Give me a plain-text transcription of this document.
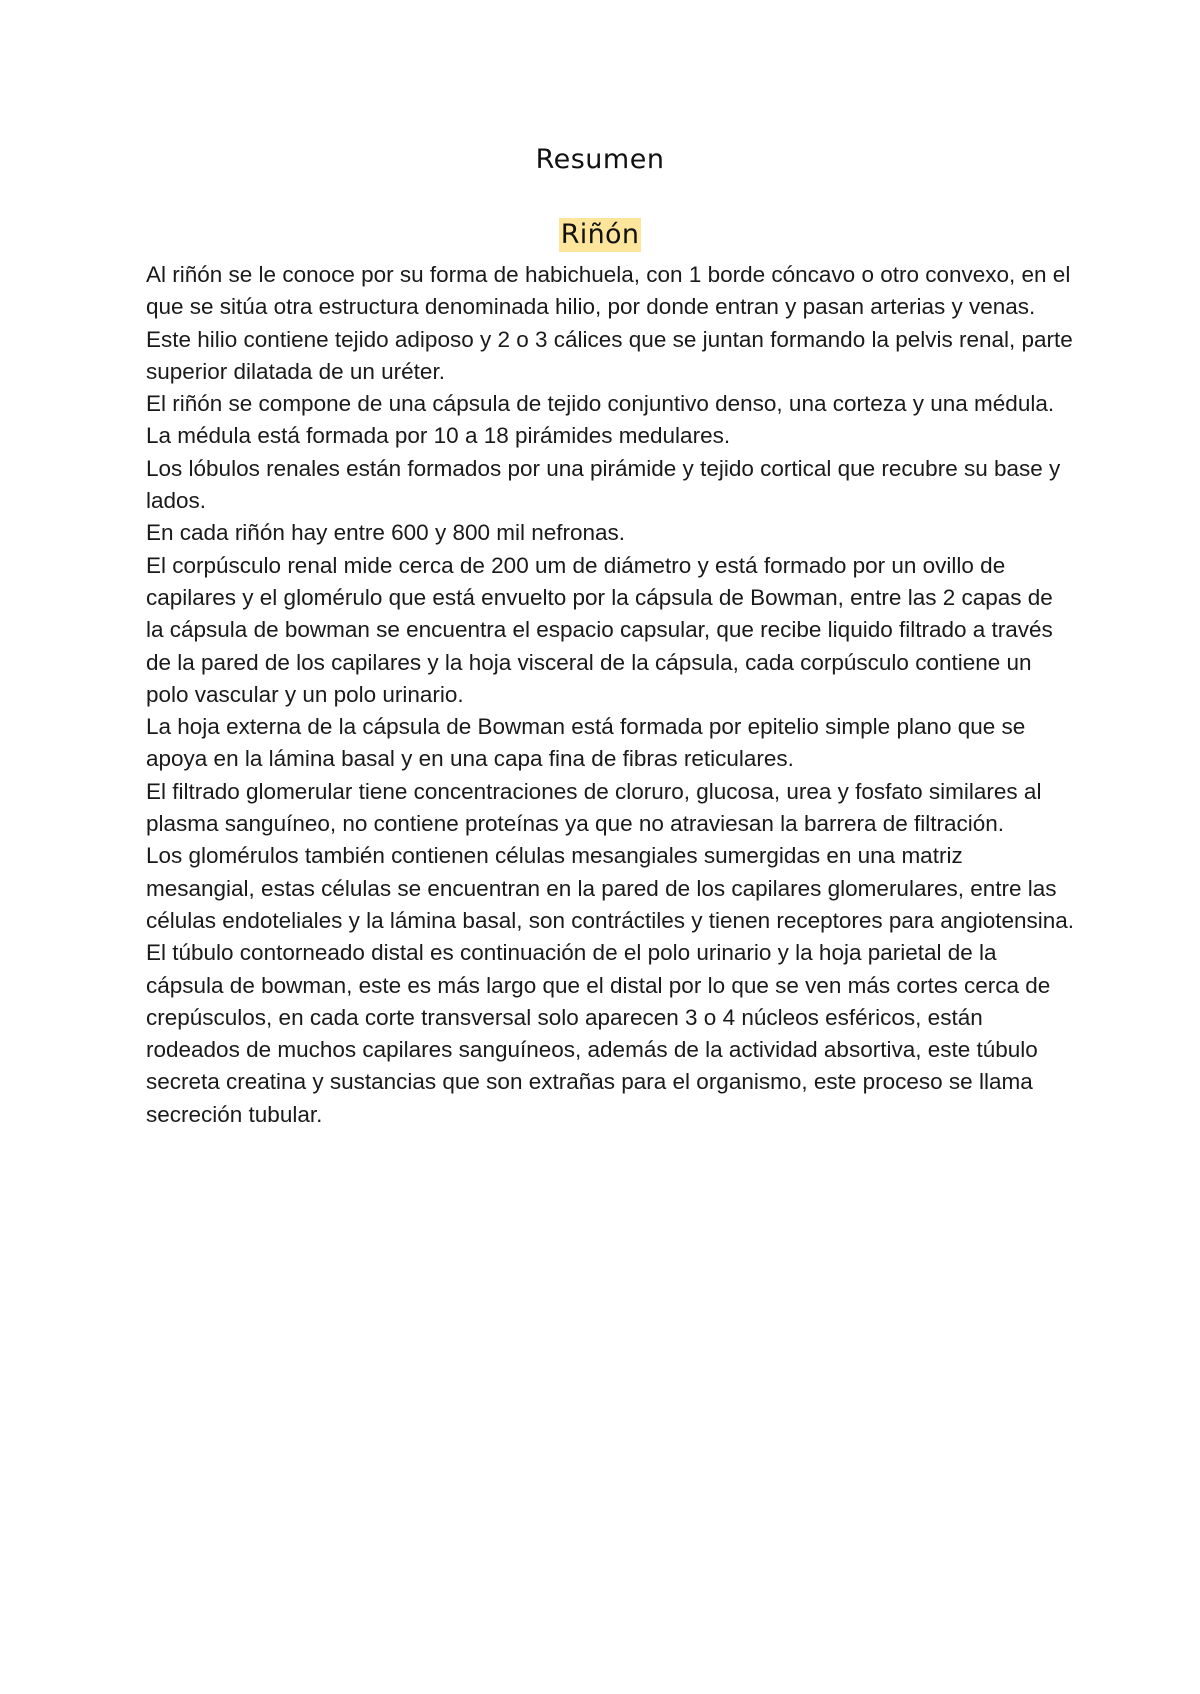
Resumen
Riñón

Al riñón se le conoce por su forma de habichuela, con 1 borde cóncavo o otro convexo, en el que se sitúa otra estructura denominada hilio, por donde entran y pasan arterias y venas. Este hilio contiene tejido adiposo y 2 o 3 cálices que se juntan formando la pelvis renal, parte superior dilatada de un uréter.

El riñón se compone de una cápsula de tejido conjuntivo denso, una corteza y una médula. La médula está formada por 10 a 18 pirámides medulares.

Los lóbulos renales están formados por una pirámide y tejido cortical que recubre su base y lados.

En cada riñón hay entre 600 y 800 mil nefronas.

El corpúsculo renal mide cerca de 200 um de diámetro y está formado por un ovillo de capilares y el glomérulo que está envuelto por la cápsula de Bowman, entre las 2 capas de la cápsula de bowman se encuentra el espacio capsular, que recibe liquido filtrado a través de la pared de los capilares y la hoja visceral de la cápsula, cada corpúsculo contiene un polo vascular y un polo urinario.

La hoja externa de la cápsula de Bowman está formada por epitelio simple plano que se apoya en la lámina basal y en una capa fina de fibras reticulares.

El filtrado glomerular tiene concentraciones de cloruro, glucosa, urea y fosfato similares al plasma sanguíneo, no contiene proteínas ya que no atraviesan la barrera de filtración.

Los glomérulos también contienen células mesangiales sumergidas en una matriz mesangial, estas células se encuentran en la pared de los capilares glomerulares, entre las células endoteliales y la lámina basal, son contráctiles y tienen receptores para angiotensina.

El túbulo contorneado distal es continuación de el polo urinario y la hoja parietal de la cápsula de bowman, este es más largo que el distal por lo que se ven más cortes cerca de crepúsculos, en cada corte transversal solo aparecen 3 o 4 núcleos esféricos, están rodeados de muchos capilares sanguíneos, además de la actividad absortiva, este túbulo secreta creatina y sustancias que son extrañas para el organismo, este proceso se llama secreción tubular.
